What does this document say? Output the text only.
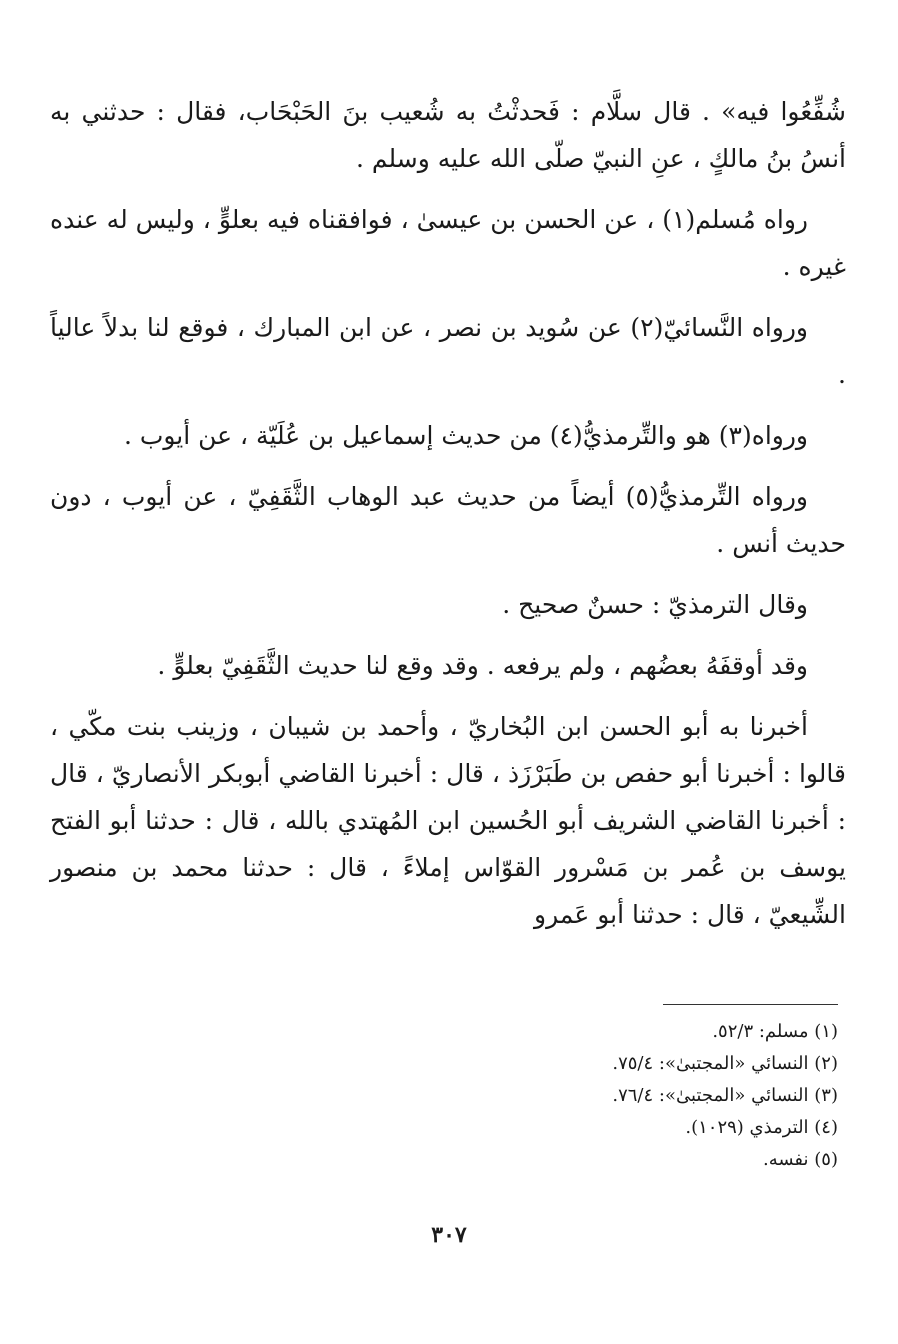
شُفِّعُوا فيه» . قال سلَّام : فَحدثْتُ به شُعيب بنَ الحَبْحَاب، فقال : حدثني به أنسُ بنُ مالكٍ ، عنِ النبيّ صلّى الله عليه وسلم .

رواه مُسلم(١) ، عن الحسن بن عيسىٰ ، فوافقناه فيه بعلوٍّ ، وليس له عنده غيره .

ورواه النَّسائيّ(٢) عن سُويد بن نصر ، عن ابن المبارك ، فوقع لنا بدلاً عالياً .

ورواه(٣) هو والتِّرمذيُّ(٤) من حديث إسماعيل بن عُلَيّة ، عن أيوب .

ورواه التِّرمذيُّ(٥) أيضاً من حديث عبد الوهاب الثَّقَفِيّ ، عن أيوب ، دون حديث أنس .

وقال الترمذيّ : حسنٌ صحيح .

وقد أوقفَهُ بعضُهم ، ولم يرفعه . وقد وقع لنا حديث الثَّقَفِيّ بعلوٍّ .

أخبرنا به أبو الحسن ابن البُخاريّ ، وأحمد بن شيبان ، وزينب بنت مكّي ، قالوا : أخبرنا أبو حفص بن طَبَرْزَذ ، قال : أخبرنا القاضي أبوبكر الأنصاريّ ، قال : أخبرنا القاضي الشريف أبو الحُسين ابن المُهتدي بالله ، قال : حدثنا أبو الفتح يوسف بن عُمر بن مَسْرور القوّاس إملاءً ، قال : حدثنا محمد بن منصور الشِّيعيّ ، قال : حدثنا أبو عَمرو

(١) مسلم: ٥٢/٣.
(٢) النسائي «المجتبىٰ»: ٧٥/٤.
(٣) النسائي «المجتبىٰ»: ٧٦/٤.
(٤) الترمذي (١٠٢٩).
(٥) نفسه.
٣٠٧
